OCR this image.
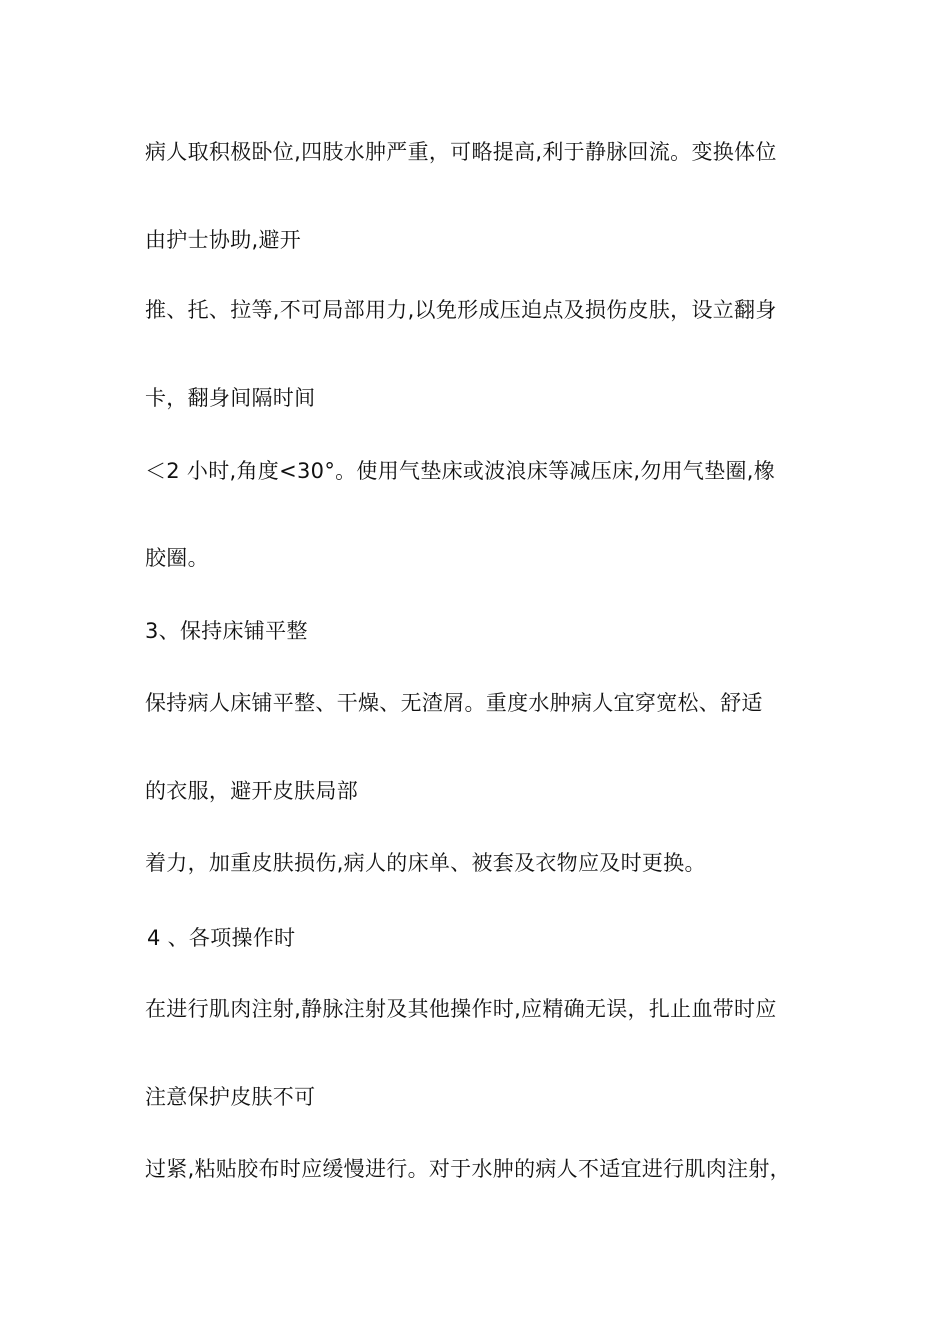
病人取积极卧位,四肢水肿严重，可略提高,利于静脉回流。变换体位
由护士协助,避开
推、托、拉等,不可局部用力,以免形成压迫点及损伤皮肤，设立翻身
卡，翻身间隔时间
＜2 小时,角度<30°。使用气垫床或波浪床等减压床,勿用气垫圈,橡
胶圈。
3、保持床铺平整
保持病人床铺平整、干燥、无渣屑。重度水肿病人宜穿宽松、舒适
的衣服，避开皮肤局部
着力，加重皮肤损伤,病人的床单、被套及衣物应及时更换。
4 、各项操作时
在进行肌肉注射,静脉注射及其他操作时,应精确无误，扎止血带时应
注意保护皮肤不可
过紧,粘贴胶布时应缓慢进行。对于水肿的病人不适宜进行肌肉注射，
